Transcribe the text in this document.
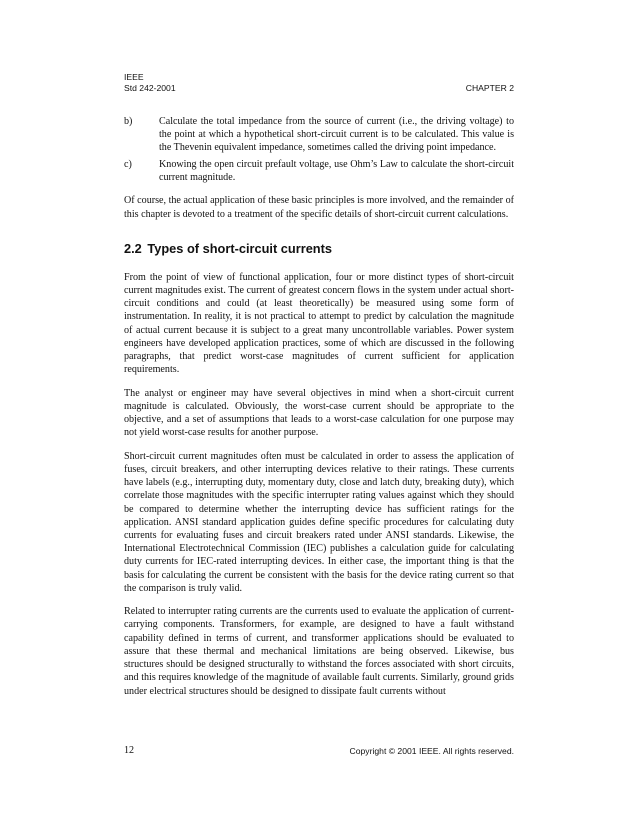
IEEE
Std 242-2001	CHAPTER 2
b)	Calculate the total impedance from the source of current (i.e., the driving voltage) to the point at which a hypothetical short-circuit current is to be calculated. This value is the Thevenin equivalent impedance, sometimes called the driving point impedance.
c)	Knowing the open circuit prefault voltage, use Ohm’s Law to calculate the short-circuit current magnitude.

Of course, the actual application of these basic principles is more involved, and the remainder of this chapter is devoted to a treatment of the specific details of short-circuit current calculations.

2.2 Types of short-circuit currents

From the point of view of functional application, four or more distinct types of short-circuit current magnitudes exist. The current of greatest concern flows in the system under actual short-circuit conditions and could (at least theoretically) be measured using some form of instrumentation. In reality, it is not practical to attempt to predict by calculation the magnitude of actual current because it is subject to a great many uncontrollable variables. Power system engineers have developed application practices, some of which are discussed in the following paragraphs, that predict worst-case magnitudes of current sufficient for application requirements.

The analyst or engineer may have several objectives in mind when a short-circuit current magnitude is calculated. Obviously, the worst-case current should be appropriate to the objective, and a set of assumptions that leads to a worst-case calculation for one purpose may not yield worst-case results for another purpose.

Short-circuit current magnitudes often must be calculated in order to assess the application of fuses, circuit breakers, and other interrupting devices relative to their ratings. These currents have labels (e.g., interrupting duty, momentary duty, close and latch duty, breaking duty), which correlate those magnitudes with the specific interrupter rating values against which they should be compared to determine whether the interrupting device has sufficient ratings for the application. ANSI standard application guides define specific procedures for calculating duty currents for evaluating fuses and circuit breakers rated under ANSI standards. Likewise, the International Electrotechnical Commission (IEC) publishes a calculation guide for calculating duty currents for IEC-rated interrupting devices. In either case, the important thing is that the basis for calculating the current be consistent with the basis for the device rating current so that the comparison is truly valid.

Related to interrupter rating currents are the currents used to evaluate the application of current-carrying components. Transformers, for example, are designed to have a fault withstand capability defined in terms of current, and transformer applications should be evaluated to assure that these thermal and mechanical limitations are being observed. Likewise, bus structures should be designed structurally to withstand the forces associated with short circuits, and this requires knowledge of the magnitude of available fault currents. Similarly, ground grids under electrical structures should be designed to dissipate fault currents without

12	Copyright © 2001 IEEE. All rights reserved.
